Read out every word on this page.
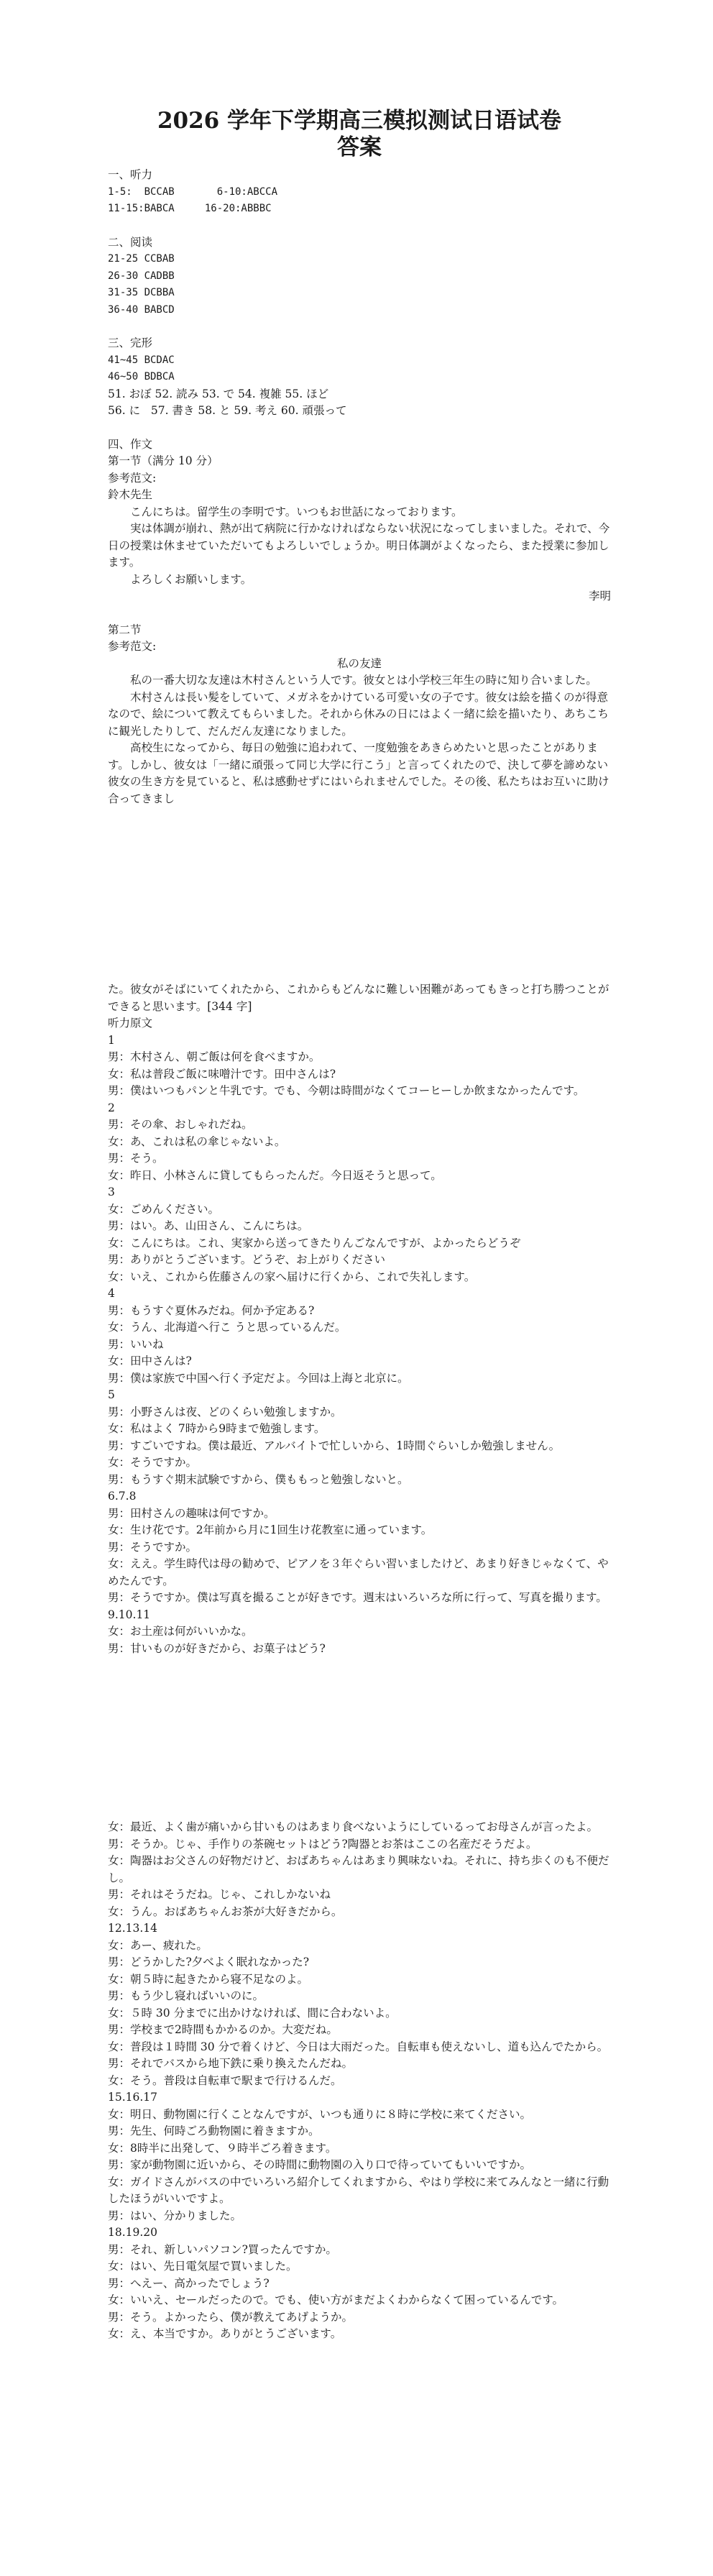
2026 学年下学期高三模拟测试日语试卷
答案

一、听力

1-5:  BCCAB       6-10:ABCCA

11-15:BABCA     16-20:ABBBC

二、阅读

21-25 CCBAB

26-30 CADBB

31-35 DCBBA

36-40 BABCD

三、完形

41~45 BCDAC

46~50 BDBCA

51. おぼ 52. 読み 53. で 54. 複雑 55. ほど

56. に   57. 書き 58. と 59. 考え 60. 頑張って

四、作文

第一节（满分 10 分）

参考范文:

鈴木先生

こんにちは。留学生の李明です。いつもお世話になっております。

実は体調が崩れ、熱が出て病院に行かなければならない状況になってしまいました。それで、今日の授業は休ませていただいてもよろしいでしょうか。明日体調がよくなったら、また授業に参加します。

よろしくお願いします。

李明

第二节

参考范文:

私の友達

私の一番大切な友達は木村さんという人です。彼女とは小学校三年生の時に知り合いました。

木村さんは長い髪をしていて、メガネをかけている可愛い女の子です。彼女は絵を描くのが得意なので、絵について教えてもらいました。それから休みの日にはよく一緒に絵を描いたり、あちこちに観光したりして、だんだん友達になりました。

高校生になってから、毎日の勉強に追われて、一度勉強をあきらめたいと思ったことがあります。しかし、彼女は「一緒に頑張って同じ大学に行こう」と言ってくれたので、決して夢を諦めない彼女の生き方を見ていると、私は感動せずにはいられませんでした。その後、私たちはお互いに助け合ってきまし

た。彼女がそばにいてくれたから、これからもどんなに難しい困難があってもきっと打ち勝つことができると思います。[344 字]

听力原文

1

男：木村さん、朝ご飯は何を食べますか。

女：私は普段ご飯に味噌汁です。田中さんは?

男：僕はいつもパンと牛乳です。でも、今朝は時間がなくてコーヒーしか飲まなかったんです。

2

男：その傘、おしゃれだね。

女：あ、これは私の傘じゃないよ。

男：そう。

女：昨日、小林さんに貸してもらったんだ。今日返そうと思って。

3

女：ごめんください。

男：はい。あ、山田さん、こんにちは。

女：こんにちは。これ、実家から送ってきたりんごなんですが、よかったらどうぞ

男：ありがとうございます。どうぞ、お上がりください

女：いえ、これから佐藤さんの家へ届けに行くから、これで失礼します。

4

男：もうすぐ夏休みだね。何か予定ある?

女：うん、北海道へ行こ うと思っているんだ。

男：いいね

女：田中さんは?

男：僕は家族で中国へ行く予定だよ。今回は上海と北京に。

5

男：小野さんは夜、どのくらい勉強しますか。

女：私はよく 7時から9時まで勉強します。

男：すごいですね。僕は最近、アルバイトで忙しいから、1時間ぐらいしか勉強しません。

女：そうですか。

男：もうすぐ期末試験ですから、僕ももっと勉強しないと。

6.7.8

男：田村さんの趣味は何ですか。

女：生け花です。2年前から月に1回生け花教室に通っています。

男：そうですか。

女：ええ。学生時代は母の勧めで、ピアノを３年ぐらい習いましたけど、あまり好きじゃなくて、やめたんです。

男：そうですか。僕は写真を撮ることが好きです。週末はいろいろな所に行って、写真を撮ります。

9.10.11

女：お土産は何がいいかな。

男：甘いものが好きだから、お菓子はどう?

女：最近、よく歯が痛いから甘いものはあまり食べないようにしているってお母さんが言ったよ。

男：そうか。じゃ、手作りの茶碗セットはどう?陶器とお茶はここの名産だそうだよ。

女：陶器はお父さんの好物だけど、おばあちゃんはあまり興味ないね。それに、持ち歩くのも不便だし。

男：それはそうだね。じゃ、これしかないね

女：うん。おばあちゃんお茶が大好きだから。

12.13.14

女：あー、疲れた。

男：どうかした?夕べよく眠れなかった?

女：朝５時に起きたから寝不足なのよ。

男：もう少し寝ればいいのに。

女：５時 30 分までに出かけなければ、間に合わないよ。

男：学校まで2時間もかかるのか。大変だね。

女：普段は１時間 30 分で着くけど、今日は大雨だった。自転車も使えないし、道も込んでたから。

男：それでバスから地下鉄に乗り換えたんだね。

女：そう。普段は自転車で駅まで行けるんだ。

15.16.17

女：明日、動物園に行くことなんですが、いつも通りに８時に学校に来てください。

男：先生、何時ごろ動物園に着きますか。

女：8時半に出発して、９時半ごろ着きます。

男：家が動物園に近いから、その時間に動物園の入り口で待っていてもいいですか。

女：ガイドさんがバスの中でいろいろ紹介してくれますから、やはり学校に来てみんなと一緒に行動したほうがいいですよ。

男：はい、分かりました。

18.19.20

男：それ、新しいパソコン?買ったんですか。

女：はい、先日電気屋で買いました。

男：へえー、高かったでしょう?

女：いいえ、セールだったので。でも、使い方がまだよくわからなくて困っているんです。

男：そう。よかったら、僕が教えてあげようか。

女：え、本当ですか。ありがとうございます。
